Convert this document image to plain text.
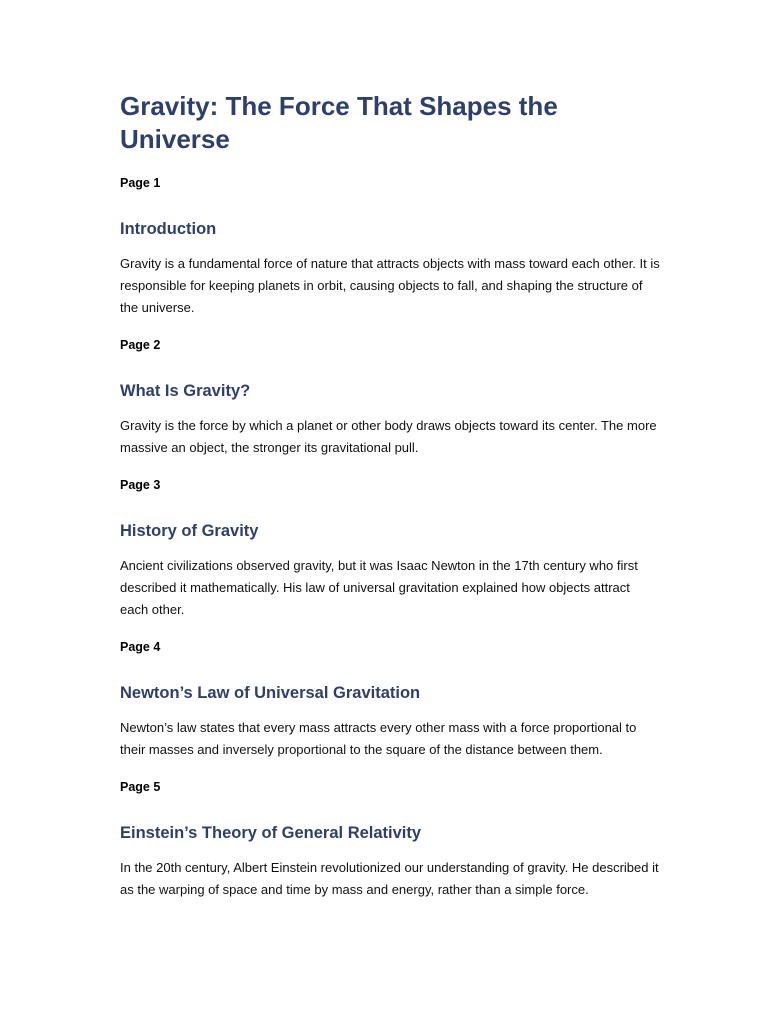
Gravity: The Force That Shapes the Universe

Page 1

Introduction

Gravity is a fundamental force of nature that attracts objects with mass toward each other. It is responsible for keeping planets in orbit, causing objects to fall, and shaping the structure of the universe.

Page 2

What Is Gravity?

Gravity is the force by which a planet or other body draws objects toward its center. The more massive an object, the stronger its gravitational pull.

Page 3

History of Gravity

Ancient civilizations observed gravity, but it was Isaac Newton in the 17th century who first described it mathematically. His law of universal gravitation explained how objects attract each other.

Page 4

Newton’s Law of Universal Gravitation

Newton’s law states that every mass attracts every other mass with a force proportional to their masses and inversely proportional to the square of the distance between them.

Page 5

Einstein’s Theory of General Relativity

In the 20th century, Albert Einstein revolutionized our understanding of gravity. He described it as the warping of space and time by mass and energy, rather than a simple force.
